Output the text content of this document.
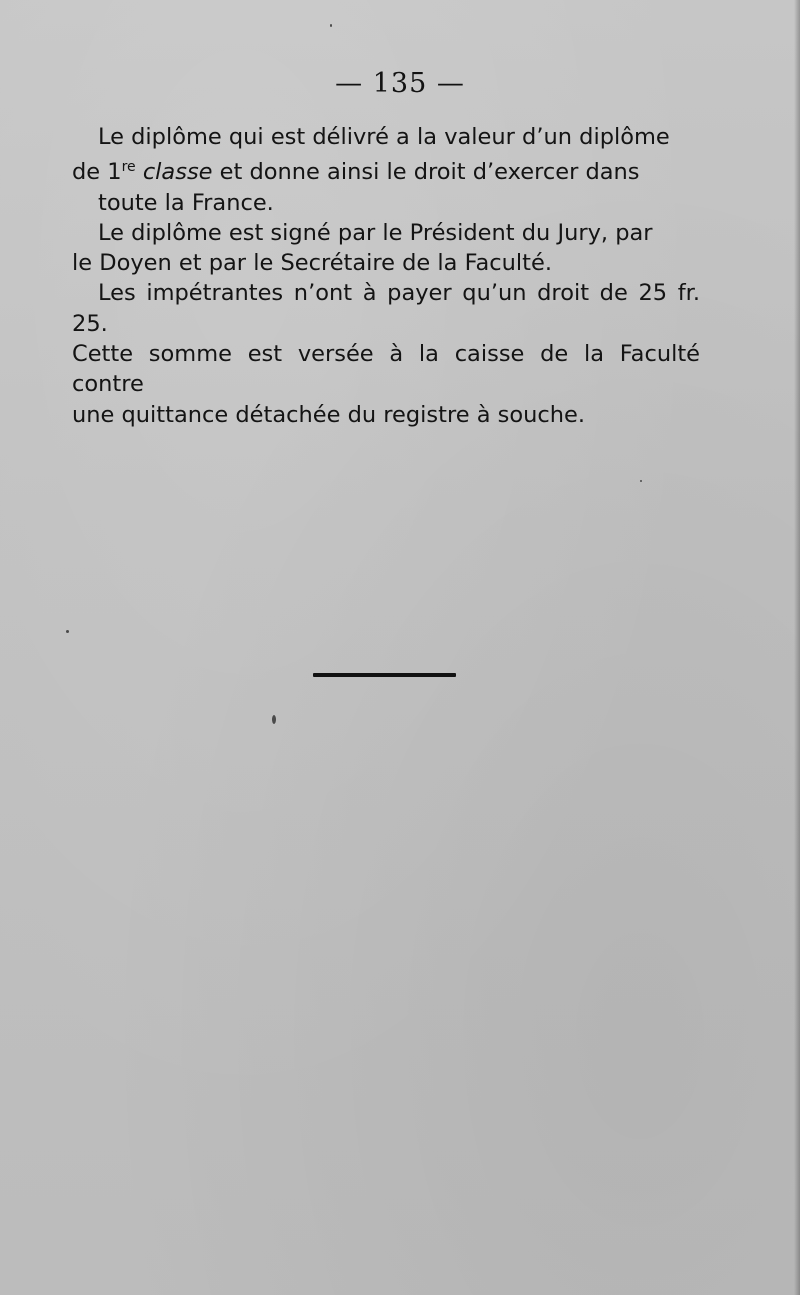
— 135 —

Le diplôme qui est délivré a la valeur d’un diplôme
de 1re classe et donne ainsi le droit d’exercer dans
toute la France.

Le diplôme est signé par le Président du Jury, par
le Doyen et par le Secrétaire de la Faculté.

Les impétrantes n’ont à payer qu’un droit de 25 fr. 25.
Cette somme est versée à la caisse de la Faculté contre
une quittance détachée du registre à souche.
